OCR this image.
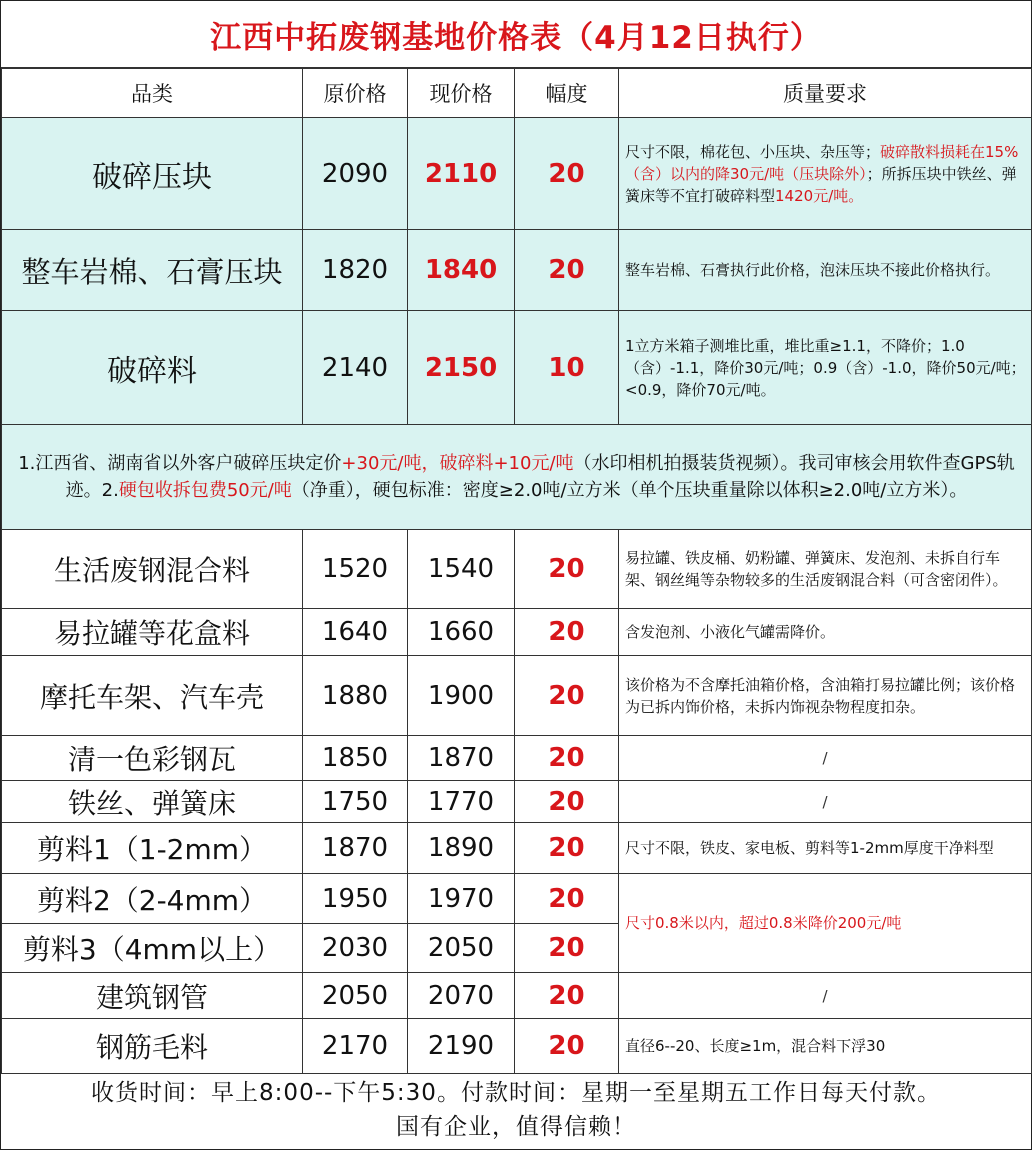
江西中拓废钢基地价格表（4月12日执行）
品类	原价格	现价格	幅度	质量要求
破碎压块	2090	2110	20	尺寸不限，棉花包、小压块、杂压等；破碎散料损耗在15%（含）以内的降30元/吨（压块除外）；所拆压块中铁丝、弹簧床等不宜打破碎料型1420元/吨。
整车岩棉、石膏压块	1820	1840	20	整车岩棉、石膏执行此价格，泡沫压块不接此价格执行。
破碎料	2140	2150	10	1立方米箱子测堆比重，堆比重≥1.1，不降价；1.0（含）-1.1，降价30元/吨；0.9（含）-1.0，降价50元/吨；<0.9，降价70元/吨。
1.江西省、湖南省以外客户破碎压块定价+30元/吨，破碎料+10元/吨（水印相机拍摄装货视频）。我司审核会用软件查GPS轨迹。2.硬包收拆包费50元/吨（净重），硬包标准：密度≥2.0吨/立方米（单个压块重量除以体积≥2.0吨/立方米）。				
生活废钢混合料	1520	1540	20	易拉罐、铁皮桶、奶粉罐、弹簧床、发泡剂、未拆自行车架、钢丝绳等杂物较多的生活废钢混合料（可含密闭件）。
易拉罐等花盒料	1640	1660	20	含发泡剂、小液化气罐需降价。
摩托车架、汽车壳	1880	1900	20	该价格为不含摩托油箱价格，含油箱打易拉罐比例；该价格为已拆内饰价格，未拆内饰视杂物程度扣杂。
清一色彩钢瓦	1850	1870	20	/
铁丝、弹簧床	1750	1770	20	/
剪料1（1-2mm）	1870	1890	20	尺寸不限，铁皮、家电板、剪料等1-2mm厚度干净料型
剪料2（2-4mm）	1950	1970	20	尺寸0.8米以内，超过0.8米降价200元/吨
剪料3（4mm以上）	2030	2050	20	
建筑钢管	2050	2070	20	/
钢筋毛料	2170	2190	20	直径6--20、长度≥1m，混合料下浮30
收货时间：早上8:00--下午5:30。付款时间：星期一至星期五工作日每天付款。
国有企业，值得信赖！
